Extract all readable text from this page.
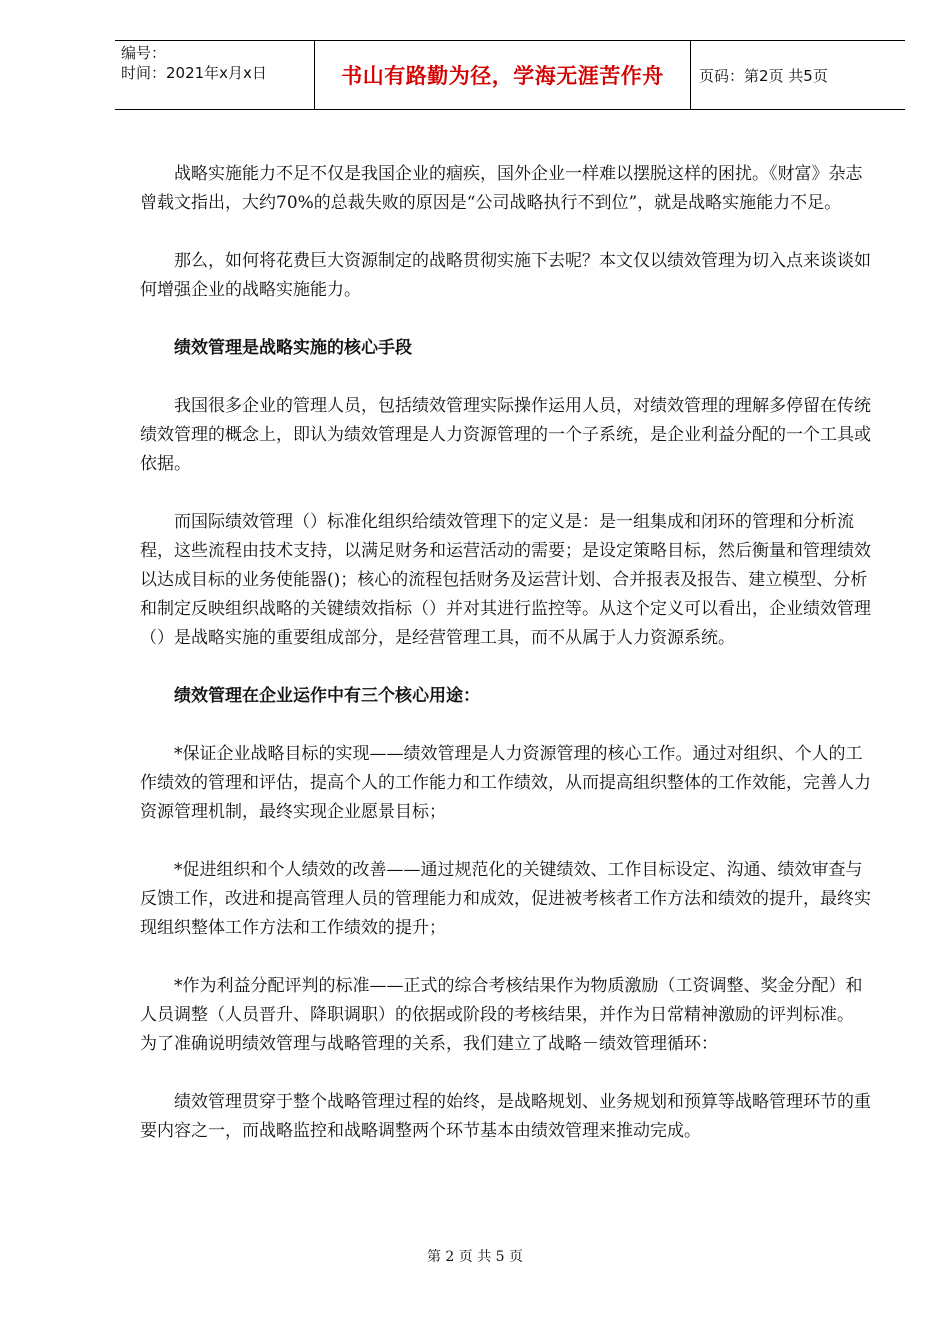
编号：
时间：2021年x月x日	书山有路勤为径，学海无涯苦作舟	页码：第2页 共5页

战略实施能力不足不仅是我国企业的痼疾，国外企业一样难以摆脱这样的困扰。《财富》杂志曾载文指出，大约70%的总裁失败的原因是“公司战略执行不到位”，就是战略实施能力不足。

那么，如何将花费巨大资源制定的战略贯彻实施下去呢？本文仅以绩效管理为切入点来谈谈如何增强企业的战略实施能力。

绩效管理是战略实施的核心手段

我国很多企业的管理人员，包括绩效管理实际操作运用人员，对绩效管理的理解多停留在传统绩效管理的概念上，即认为绩效管理是人力资源管理的一个子系统，是企业利益分配的一个工具或依据。

而国际绩效管理（）标准化组织给绩效管理下的定义是：是一组集成和闭环的管理和分析流程，这些流程由技术支持，以满足财务和运营活动的需要；是设定策略目标，然后衡量和管理绩效以达成目标的业务使能器()；核心的流程包括财务及运营计划、合并报表及报告、建立模型、分析和制定反映组织战略的关键绩效指标（）并对其进行监控等。从这个定义可以看出，企业绩效管理（）是战略实施的重要组成部分，是经营管理工具，而不从属于人力资源系统。

绩效管理在企业运作中有三个核心用途：

*保证企业战略目标的实现——绩效管理是人力资源管理的核心工作。通过对组织、个人的工作绩效的管理和评估，提高个人的工作能力和工作绩效，从而提高组织整体的工作效能，完善人力资源管理机制，最终实现企业愿景目标；

*促进组织和个人绩效的改善——通过规范化的关键绩效、工作目标设定、沟通、绩效审查与反馈工作，改进和提高管理人员的管理能力和成效，促进被考核者工作方法和绩效的提升，最终实现组织整体工作方法和工作绩效的提升；

*作为利益分配评判的标准——正式的综合考核结果作为物质激励（工资调整、奖金分配）和人员调整（人员晋升、降职调职）的依据或阶段的考核结果，并作为日常精神激励的评判标准。

为了准确说明绩效管理与战略管理的关系，我们建立了战略－绩效管理循环：

绩效管理贯穿于整个战略管理过程的始终，是战略规划、业务规划和预算等战略管理环节的重要内容之一，而战略监控和战略调整两个环节基本由绩效管理来推动完成。

第 2 页 共 5 页
